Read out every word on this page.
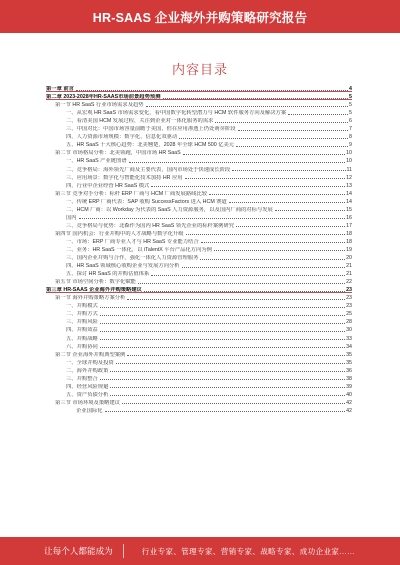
HR-SAAS 企业海外并购策略研究报告
内容目录
第一章 前言	4
第二章 2023-2028年HR-SAAS市场前景趋势预测	5
第一节 HR SaaS 行业市场需求及趋势	5
一、从宏观 HR SaaS 市场需求变化，看中国数字化转型潜力与 HCM 软件服务方向及解决方案	5
二、看清美国 HCM 发展过程，关注到企业对一体化服务的需求	6
三、中国对比：中国市场容量前瞻于美国，但在应用渗透上仍处萌芽阶段	7
四、人力资源市场规模：数字化、信息化双驱动	8
五、HR SaaS 十大核心趋势：北美翘楚，2028 年全球 HCM 500 亿美元	9
第二节 市场格局分析：北美领跑，中国市场 HR SaaS	10
一、HR SaaS 产业链图谱	10
二、竞争格局：海外领先厂商及主要代表，国内市场处于快速成长阶段	11
三、应用场景：数字化与智能化技术加持 HR 应用	12
四、行业中企业经营 HR SaaS 模式	13
第三节 竞争对手分析：标杆 ERP 厂商与 HCM 厂商发展路线比较	14
一、传统 ERP 厂商代表：SAP 收购 SuccessFactors 进入 HCM 赛道	14
二、HCM 厂商：以 Workday 为代表的 SaaS 人力资源服务，以及国内厂商的对标与发展	15
国内	16
三、竞争格局与优势：北森作为国内 HR SaaS 领先企业的标杆案例研究	17
第四节 国内机会：行业并购中的人才战略与数字化升级	18
一、市场：ERP 厂商专业人才与 HR SaaS 专业能力结合	18
二、业务：HR SaaS 一体化，以 iTalentX 平台产品化方向为例	19
三、国内企业并购与合作，强化一体化人力资源管理服务	20
四、HR SaaS 领域核心收购企业与发展方向分析	21
五、探讨 HR SaaS 的并购估值体系	21
第五节 市场空间分析：数字化赋能	22
第三章 HR-SAAS 企业海外并购策略建议	23
第一节 海外并购策略方案分析	23
一、并购模式	23
二、并购方式	25
三、并购风险	28
四、并购效益	30
五、并购战略	33
六、并购协同	34
第二节 企业海外并购典型案例	35
一、全球并购及投资	35
二、海外并购政策	36
三、并购整合	38
四、经营风险规避	39
五、资产负债分析	40
第三节 市场环境及策略建议	42
企业国际化	42
让每个人都能成为	行业专家、管理专家、营销专家、战略专家、成功企业家……
